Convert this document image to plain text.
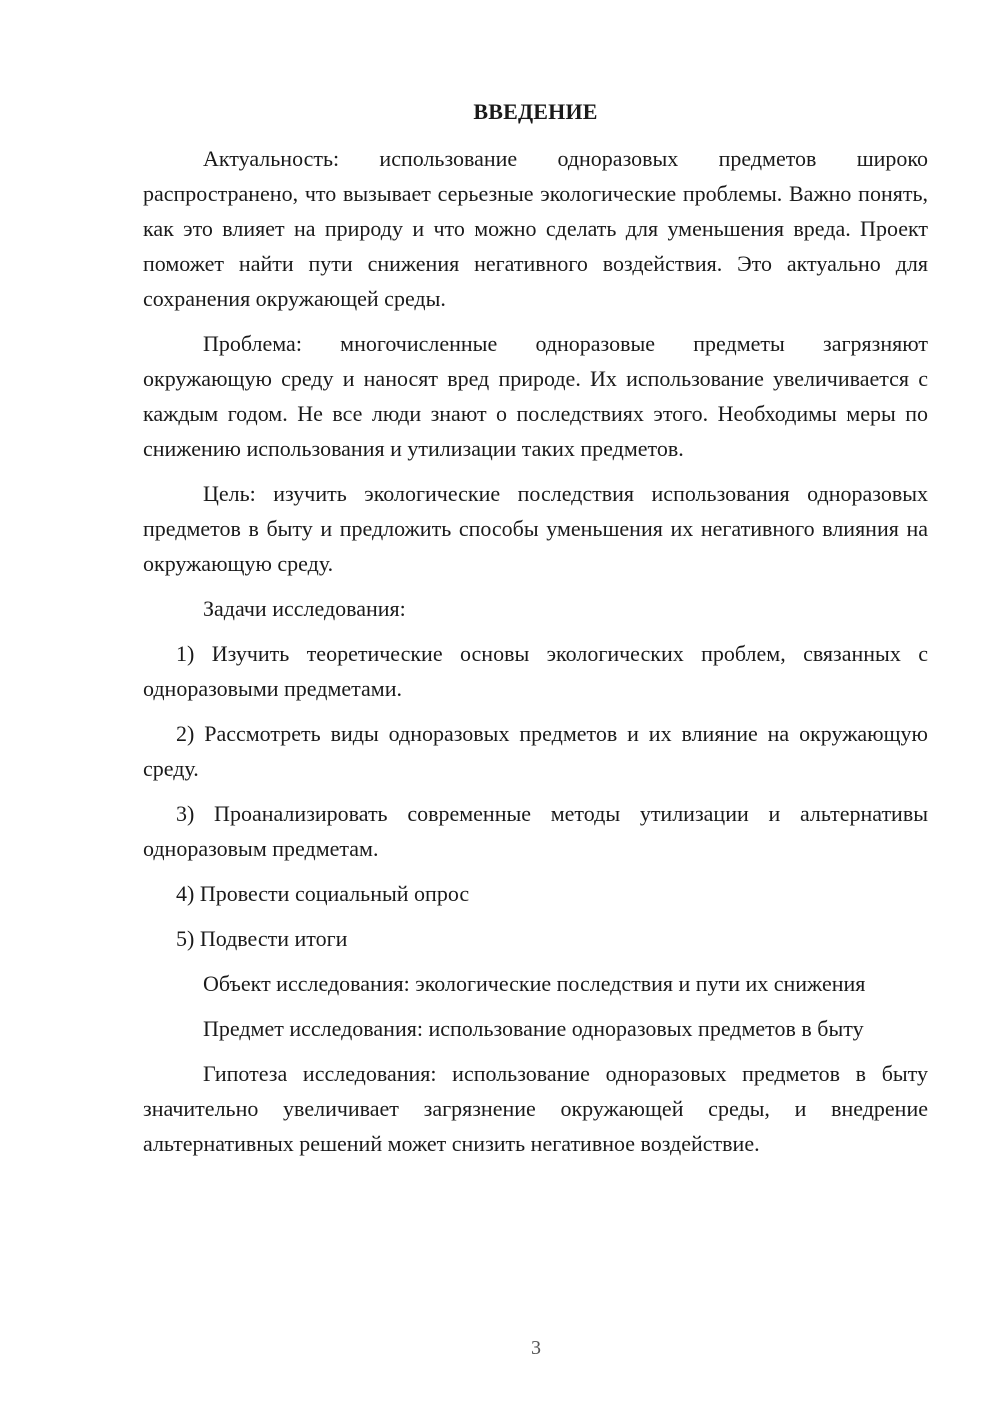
ВВЕДЕНИЕ

Актуальность: использование одноразовых предметов широко распространено, что вызывает серьезные экологические проблемы. Важно понять, как это влияет на природу и что можно сделать для уменьшения вреда. Проект поможет найти пути снижения негативного воздействия. Это актуально для сохранения окружающей среды.

Проблема: многочисленные одноразовые предметы загрязняют окружающую среду и наносят вред природе. Их использование увеличивается с каждым годом. Не все люди знают о последствиях этого. Необходимы меры по снижению использования и утилизации таких предметов.

Цель: изучить экологические последствия использования одноразовых предметов в быту и предложить способы уменьшения их негативного влияния на окружающую среду.

Задачи исследования:

1) Изучить теоретические основы экологических проблем, связанных с одноразовыми предметами.

2) Рассмотреть виды одноразовых предметов и их влияние на окружающую среду.

3) Проанализировать современные методы утилизации и альтернативы одноразовым предметам.

4) Провести социальный опрос

5) Подвести итоги

Объект исследования: экологические последствия и пути их снижения

Предмет исследования: использование одноразовых предметов в быту

Гипотеза исследования: использование одноразовых предметов в быту значительно увеличивает загрязнение окружающей среды, и внедрение альтернативных решений может снизить негативное воздействие.

3
